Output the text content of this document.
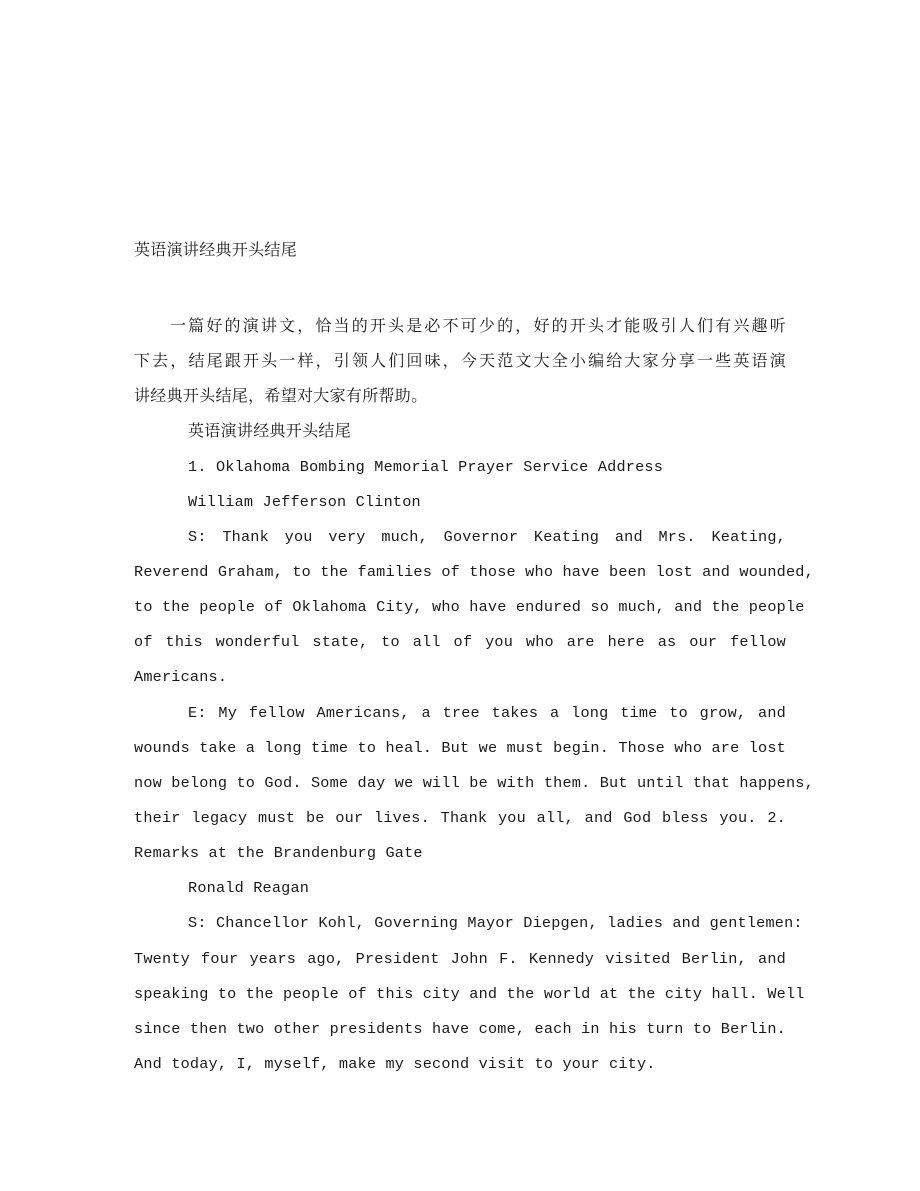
英语演讲经典开头结尾
一篇好的演讲文，恰当的开头是必不可少的，好的开头才能吸引人们有兴趣听
下去，结尾跟开头一样，引领人们回味，今天范文大全小编给大家分享一些英语演
讲经典开头结尾，希望对大家有所帮助。
英语演讲经典开头结尾
1. Oklahoma Bombing Memorial Prayer Service Address
William Jefferson Clinton
S: Thank you very much, Governor Keating and Mrs. Keating,
Reverend Graham, to the families of those who have been lost and wounded,
to the people of Oklahoma City, who have endured so much, and the people
of this wonderful state, to all of you who are here as our fellow
Americans.
E: My fellow Americans, a tree takes a long time to grow, and
wounds take a long time to heal. But we must begin. Those who are lost
now belong to God. Some day we will be with them. But until that happens,
their legacy must be our lives. Thank you all, and God bless you. 2.
Remarks at the Brandenburg Gate
Ronald Reagan
S: Chancellor Kohl, Governing Mayor Diepgen, ladies and gentlemen:
Twenty four years ago, President John F. Kennedy visited Berlin, and
speaking to the people of this city and the world at the city hall. Well
since then two other presidents have come, each in his turn to Berlin.
And today, I, myself, make my second visit to your city.
